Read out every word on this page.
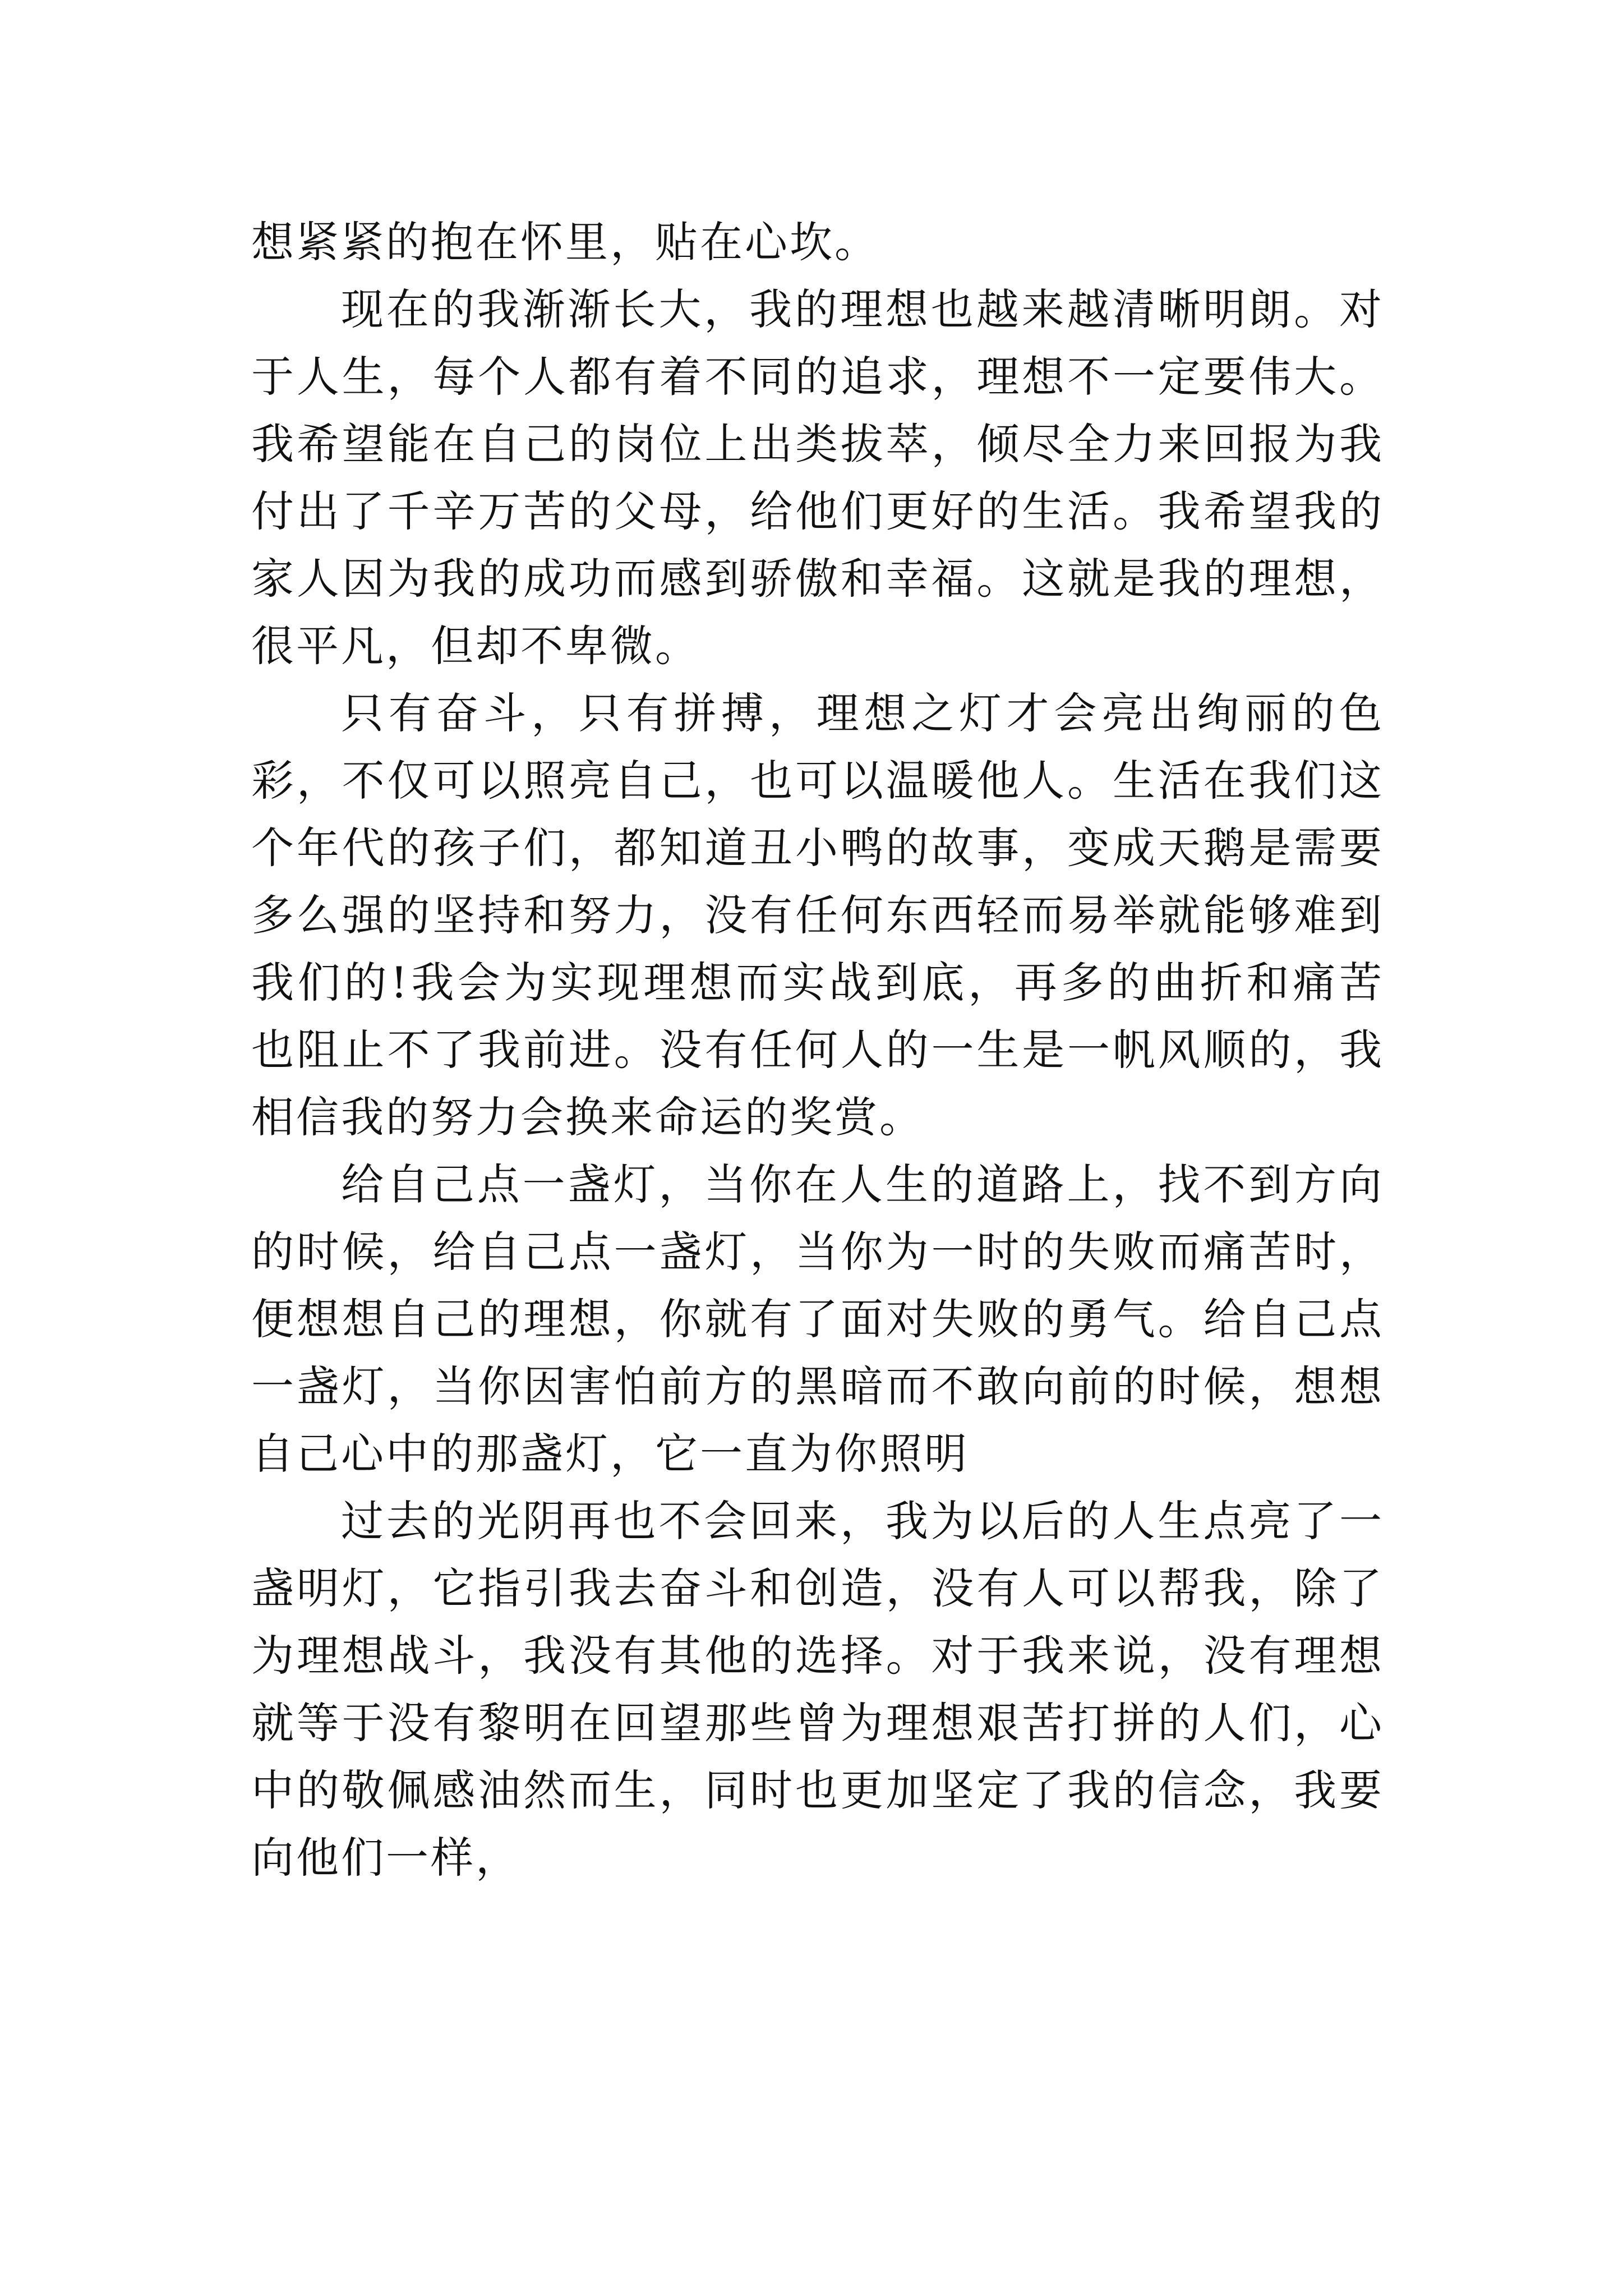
想紧紧的抱在怀里，贴在心坎。

现在的我渐渐长大，我的理想也越来越清晰明朗。对于人生，每个人都有着不同的追求，理想不一定要伟大。我希望能在自己的岗位上出类拔萃，倾尽全力来回报为我付出了千辛万苦的父母，给他们更好的生活。我希望我的家人因为我的成功而感到骄傲和幸福。这就是我的理想，很平凡，但却不卑微。

只有奋斗，只有拼搏，理想之灯才会亮出绚丽的色彩，不仅可以照亮自己，也可以温暖他人。生活在我们这个年代的孩子们，都知道丑小鸭的故事，变成天鹅是需要多么强的坚持和努力，没有任何东西轻而易举就能够难到我们的!我会为实现理想而实战到底，再多的曲折和痛苦也阻止不了我前进。没有任何人的一生是一帆风顺的，我相信我的努力会换来命运的奖赏。

给自己点一盏灯，当你在人生的道路上，找不到方向的时候，给自己点一盏灯，当你为一时的失败而痛苦时，便想想自己的理想，你就有了面对失败的勇气。给自己点一盏灯，当你因害怕前方的黑暗而不敢向前的时候，想想自己心中的那盏灯，它一直为你照明

过去的光阴再也不会回来，我为以后的人生点亮了一盏明灯，它指引我去奋斗和创造，没有人可以帮我，除了为理想战斗，我没有其他的选择。对于我来说，没有理想就等于没有黎明在回望那些曾为理想艰苦打拼的人们，心中的敬佩感油然而生，同时也更加坚定了我的信念，我要向他们一样，
